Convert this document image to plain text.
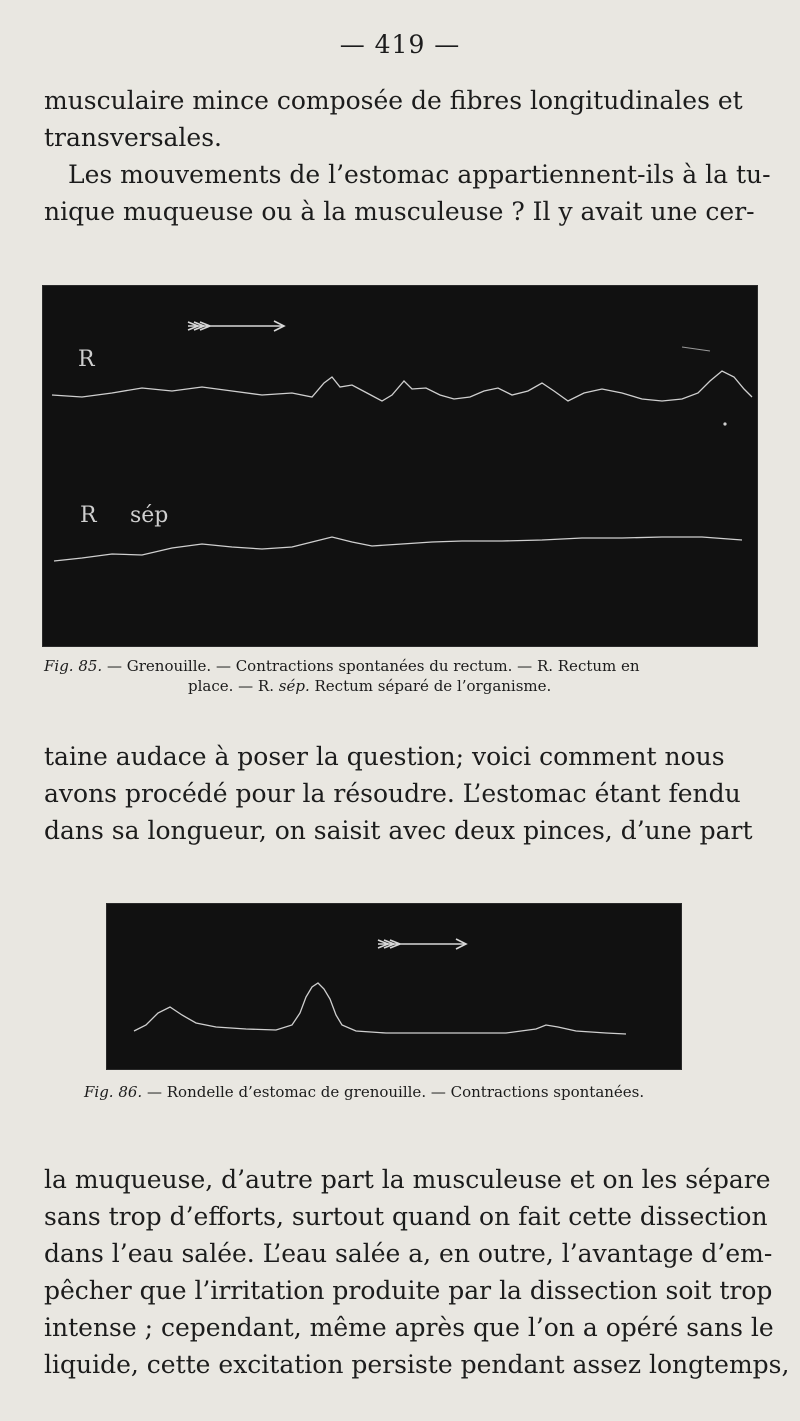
— 419 —
musculaire mince composée de fibres longitudinales et
transversales.
Les mouvements de l’estomac appartiennent-ils à la tu-
nique muqueuse ou à la musculeuse ? Il y avait une cer-
R
R sép
Fig. 85. — Grenouille. — Contractions spontanées du rectum. — R. Rectum en
place. — R. sép. Rectum séparé de l’organisme.
taine audace à poser la question; voici comment nous
avons procédé pour la résoudre. L’estomac étant fendu
dans sa longueur, on saisit avec deux pinces, d’une part
Fig. 86. — Rondelle d’estomac de grenouille. — Contractions spontanées.
la muqueuse, d’autre part la musculeuse et on les sépare
sans trop d’efforts, surtout quand on fait cette dissection
dans l’eau salée. L’eau salée a, en outre, l’avantage d’em-
pêcher que l’irritation produite par la dissection soit trop
intense ; cependant, même après que l’on a opéré sans le
liquide, cette excitation persiste pendant assez longtemps,
